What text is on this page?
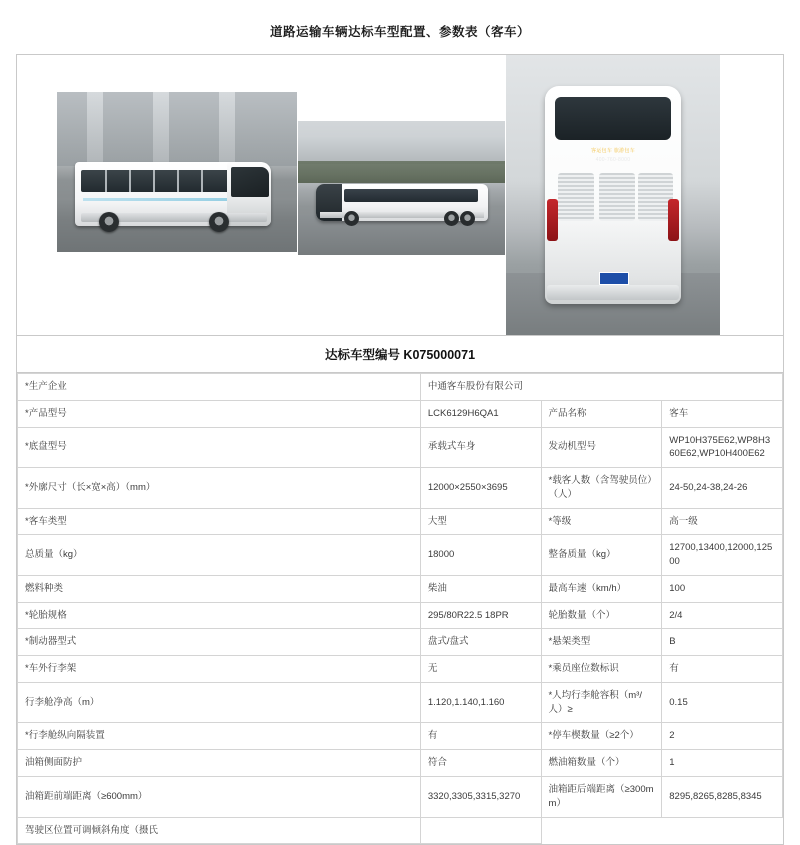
道路运输车辆达标车型配置、参数表（客车）
客运包车 旅游包车
400-760-8000
达标车型编号 K075000071
*生产企业	中通客车股份有限公司		
*产品型号	LCK6129H6QA1	产品名称	客车
*底盘型号	承载式车身	发动机型号	WP10H375E62,WP8H360E62,WP10H400E62
*外廓尺寸（长×宽×高）（mm）	12000×2550×3695	*载客人数（含驾驶员位）（人）	24-50,24-38,24-26
*客车类型	大型	*等级	高一级
总质量（kg）	18000	整备质量（kg）	12700,13400,12000,12500
燃料种类	柴油	最高车速（km/h）	100
*轮胎规格	295/80R22.5 18PR	轮胎数量（个）	2/4
*制动器型式	盘式/盘式	*悬架类型	B
*车外行李架	无	*乘员座位数标识	有
行李舱净高（m）	1.120,1.140,1.160	*人均行李舱容积（m³/人）≥	0.15
*行李舱纵向隔装置	有	*停车楔数量（≥2个）	2
油箱侧面防护	符合	燃油箱数量（个）	1
油箱距前端距离（≥600mm）	3320,3305,3315,3270	油箱距后端距离（≥300mm）	8295,8265,8285,8345
驾驶区位置可调倾斜角度（摄氏			
